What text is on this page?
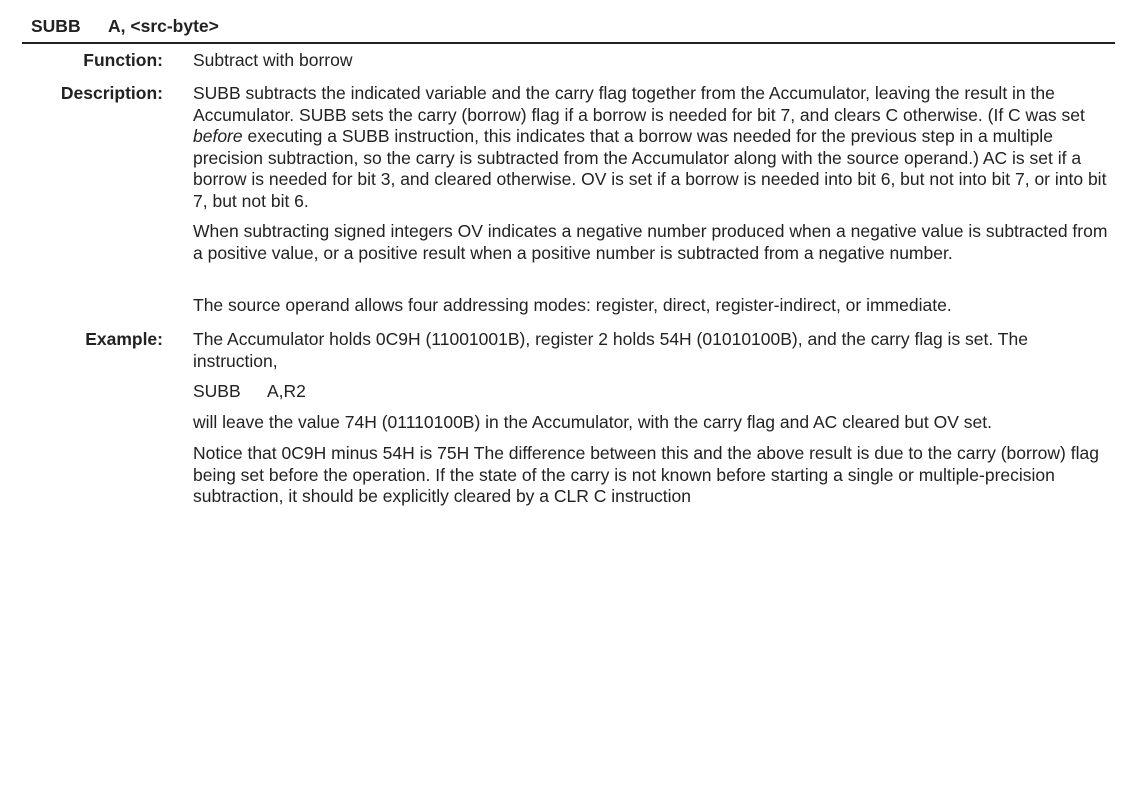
SUBB A, <src-byte>
Function: Subtract with borrow

Description: SUBB subtracts the indicated variable and the carry flag together from the Accumulator, leaving the result in the Accumulator. SUBB sets the carry (borrow) flag if a borrow is needed for bit 7, and clears C otherwise. (If C was set before executing a SUBB instruction, this indicates that a borrow was needed for the previous step in a multiple precision subtraction, so the carry is subtracted from the Accumulator along with the source operand.) AC is set if a borrow is needed for bit 3, and cleared otherwise. OV is set if a borrow is needed into bit 6, but not into bit 7, or into bit 7, but not bit 6.

When subtracting signed integers OV indicates a negative number produced when a negative value is subtracted from a positive value, or a positive result when a positive number is subtracted from a negative number.

The source operand allows four addressing modes: register, direct, register-indirect, or immediate.

Example: The Accumulator holds 0C9H (11001001B), register 2 holds 54H (01010100B), and the carry flag is set. The instruction,

SUBB A,R2

will leave the value 74H (01110100B) in the Accumulator, with the carry flag and AC cleared but OV set.

Notice that 0C9H minus 54H is 75H The difference between this and the above result is due to the carry (borrow) flag being set before the operation. If the state of the carry is not known before starting a single or multiple-precision subtraction, it should be explicitly cleared by a CLR C instruction
